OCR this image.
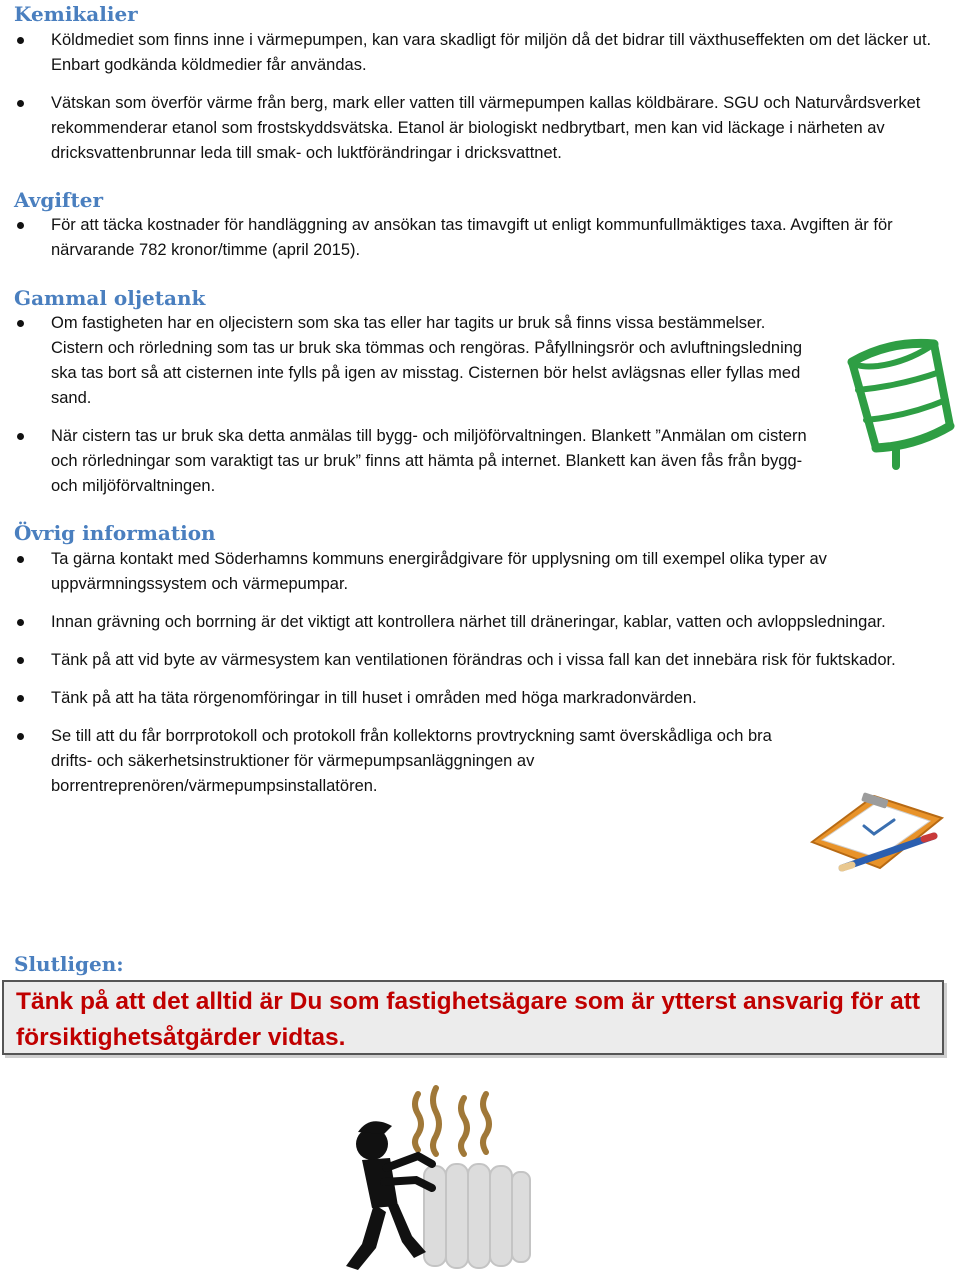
Kemikalier
Köldmediet som finns inne i värmepumpen, kan vara skadligt för miljön då det bidrar till växthuseffekten om det läcker ut. Enbart godkända köldmedier får användas.
Vätskan som överför värme från berg, mark eller vatten till värmepumpen kallas köldbärare. SGU och Naturvårdsverket rekommenderar etanol som frostskyddsvätska. Etanol är biologiskt nedbrytbart, men kan vid läckage i närheten av dricksvattenbrunnar leda till smak- och luktförändringar i dricksvattnet.
Avgifter
För att täcka kostnader för handläggning av ansökan tas timavgift ut enligt kommunfullmäktiges taxa. Avgiften är för närvarande 782 kronor/timme (april 2015).
Gammal oljetank
Om fastigheten har en oljecistern som ska tas eller har tagits ur bruk så finns vissa bestämmelser. Cistern och rörledning som tas ur bruk ska tömmas och rengöras. Påfyllningsrör och avluftningsledning ska tas bort så att cisternen inte fylls på igen av misstag. Cisternen bör helst avlägsnas eller fyllas med sand.
När cistern tas ur bruk ska detta anmälas till bygg- och miljöförvaltningen. Blankett ”Anmälan om cistern och rörledningar som varaktigt tas ur bruk” finns att hämta på internet. Blankett kan även fås från bygg- och miljöförvaltningen.
Övrig information
Ta gärna kontakt med Söderhamns kommuns energirådgivare för upplysning om till exempel olika typer av uppvärmningssystem och värmepumpar.
Innan grävning och borrning är det viktigt att kontrollera närhet till dräneringar, kablar, vatten och avloppsledningar.
Tänk på att vid byte av värmesystem kan ventilationen förändras och i vissa fall kan det innebära risk för fuktskador.
Tänk på att ha täta rörgenomföringar in till huset i områden med höga markradonvärden.
Se till att du får borrprotokoll och protokoll från kollektorns provtryckning samt överskådliga och bra drifts- och säkerhetsinstruktioner för värmepumpsanläggningen av borrentreprenören/värmepumpsinstallatören.
Slutligen:
Tänk på att det alltid är Du som fastighetsägare som är ytterst ansvarig för att försiktighetsåtgärder vidtas.
